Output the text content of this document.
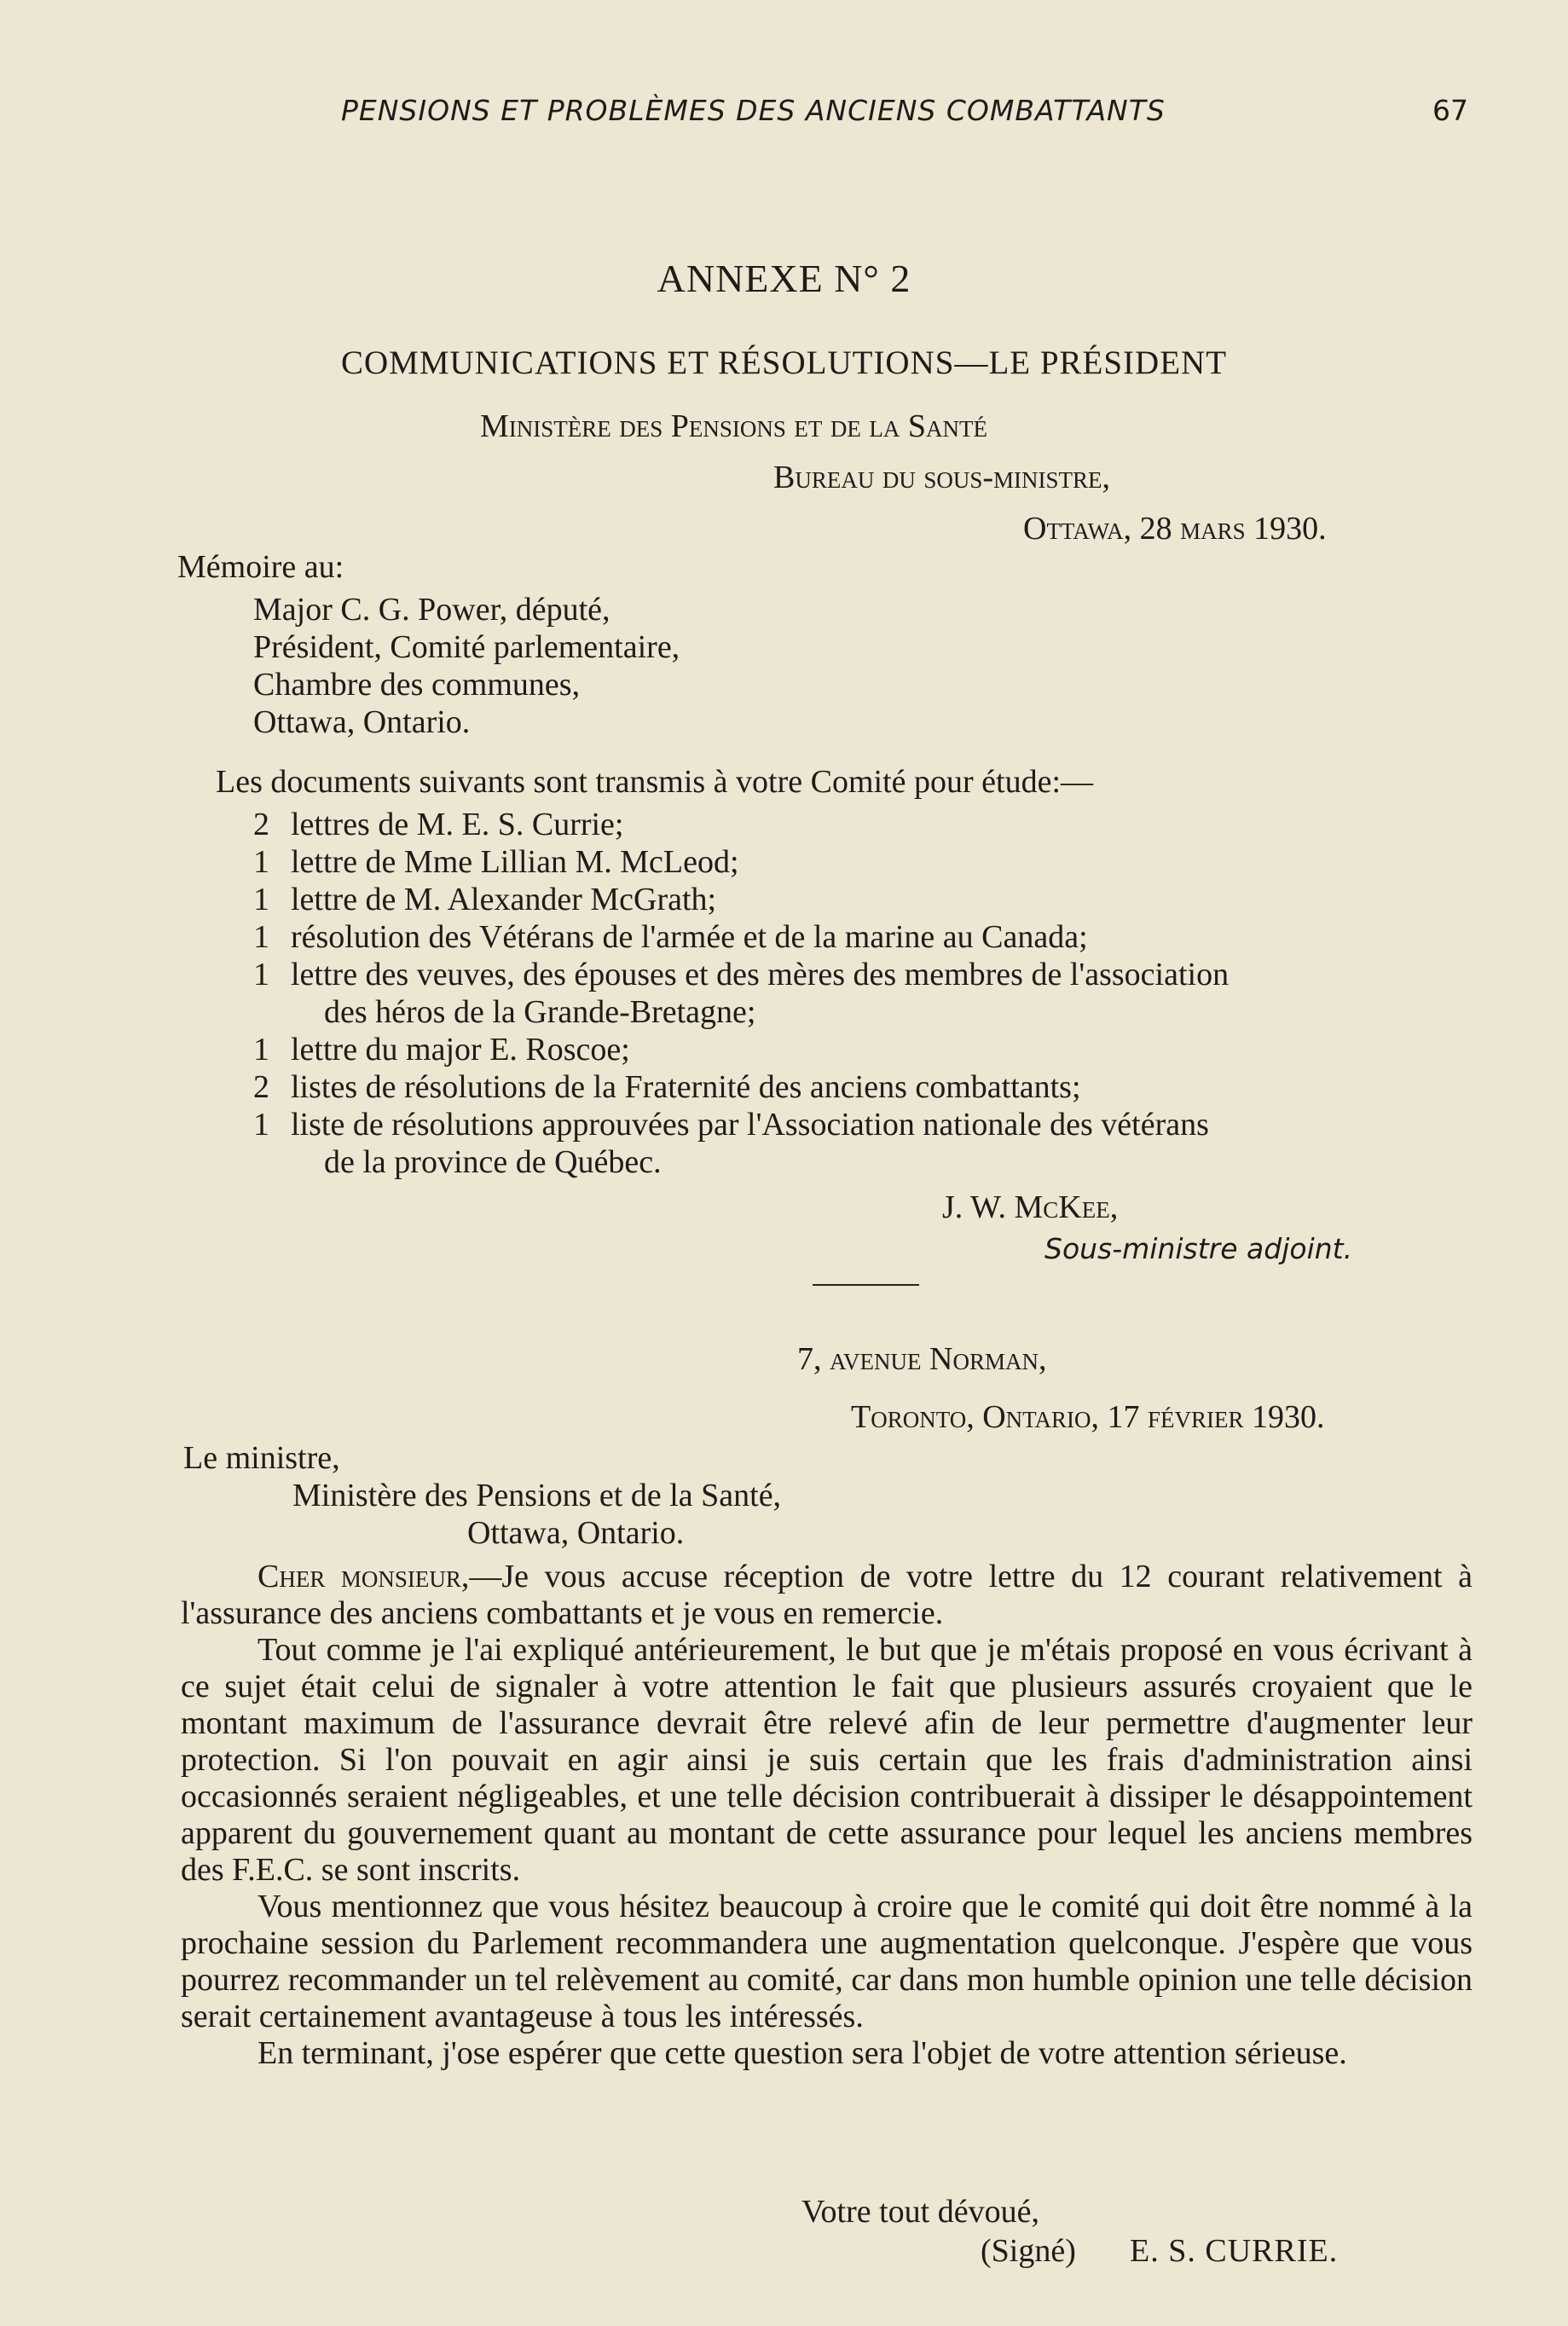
PENSIONS ET PROBLÈMES DES ANCIENS COMBATTANTS	67
ANNEXE N° 2
COMMUNICATIONS ET RÉSOLUTIONS—LE PRÉSIDENT
Ministère des Pensions et de la Santé
Bureau du sous-ministre,
Ottawa, 28 mars 1930.
Mémoire au:
Major C. G. Power, député,
Président, Comité parlementaire,
Chambre des communes,
Ottawa, Ontario.
Les documents suivants sont transmis à votre Comité pour étude:—
2 lettres de M. E. S. Currie;
1 lettre de Mme Lillian M. McLeod;
1 lettre de M. Alexander McGrath;
1 résolution des Vétérans de l'armée et de la marine au Canada;
1 lettre des veuves, des épouses et des mères des membres de l'association
des héros de la Grande-Bretagne;
1 lettre du major E. Roscoe;
2 listes de résolutions de la Fraternité des anciens combattants;
1 liste de résolutions approuvées par l'Association nationale des vétérans
de la province de Québec.
J. W. McKee,
Sous-ministre adjoint.
7, avenue Norman,
Toronto, Ontario, 17 février 1930.
Le ministre,
Ministère des Pensions et de la Santé,
Ottawa, Ontario.

Cher monsieur,—Je vous accuse réception de votre lettre du 12 courant relativement à l'assurance des anciens combattants et je vous en remercie.

Tout comme je l'ai expliqué antérieurement, le but que je m'étais proposé en vous écrivant à ce sujet était celui de signaler à votre attention le fait que plusieurs assurés croyaient que le montant maximum de l'assurance devrait être relevé afin de leur permettre d'augmenter leur protection. Si l'on pouvait en agir ainsi je suis certain que les frais d'administration ainsi occasionnés seraient négligeables, et une telle décision contribuerait à dissiper le désappointement apparent du gouvernement quant au montant de cette assurance pour lequel les anciens membres des F.E.C. se sont inscrits.

Vous mentionnez que vous hésitez beaucoup à croire que le comité qui doit être nommé à la prochaine session du Parlement recommandera une augmentation quelconque. J'espère que vous pourrez recommander un tel relèvement au comité, car dans mon humble opinion une telle décision serait certainement avantageuse à tous les intéressés.

En terminant, j'ose espérer que cette question sera l'objet de votre attention sérieuse.

Votre tout dévoué,
(Signé) E. S. CURRIE.
